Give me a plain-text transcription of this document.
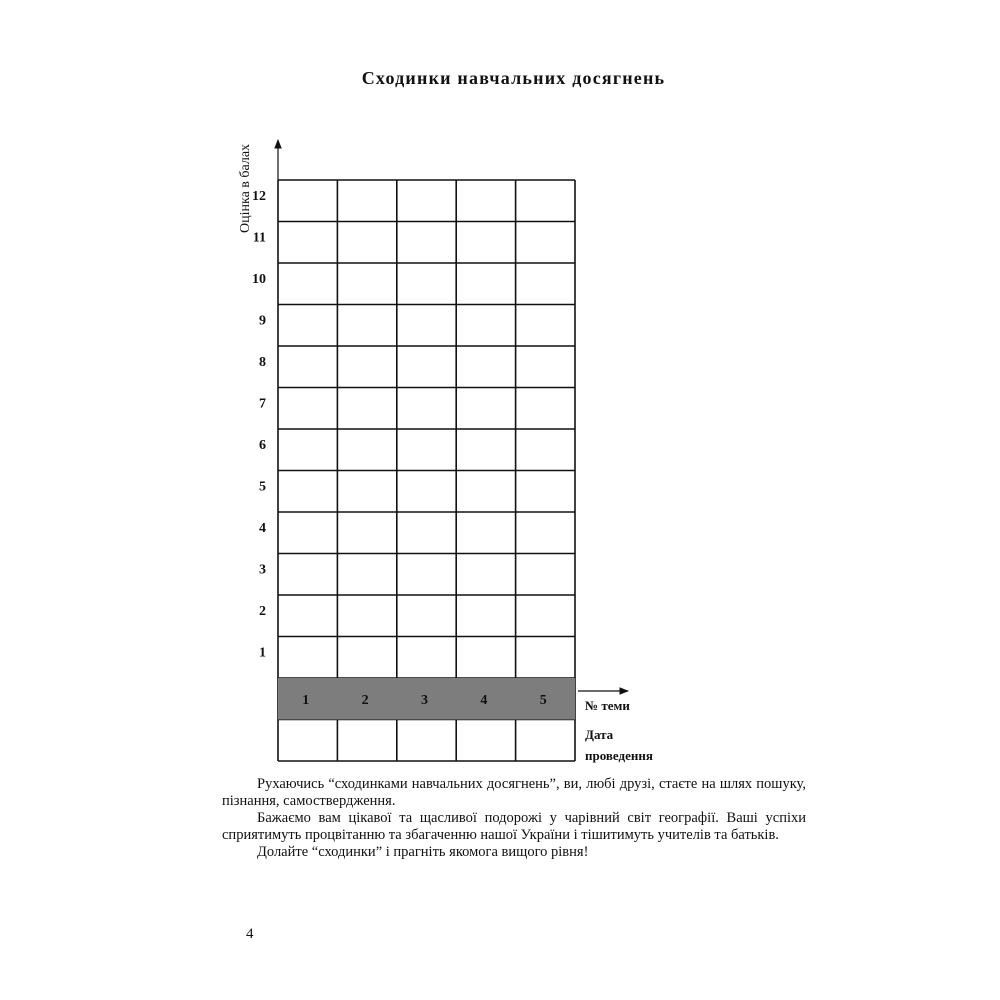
Сходинки навчальних досягнень
Оцінка в балах
1	2	3	4	5
12
11
10
9
8
7
6
5
4
3
2
1
№ теми
Дата
проведення

Рухаючись “сходинками навчальних досягнень”, ви, любі друзі, стаєте на шлях пошуку, пізнання, самоствердження.

Бажаємо вам цікавої та щасливої подорожі у чарівний світ географії. Ваші успіхи сприятимуть процвітанню та збагаченню нашої України і тішитимуть учителів та батьків.

Долайте “сходинки” і прагніть якомога вищого рівня!

4
